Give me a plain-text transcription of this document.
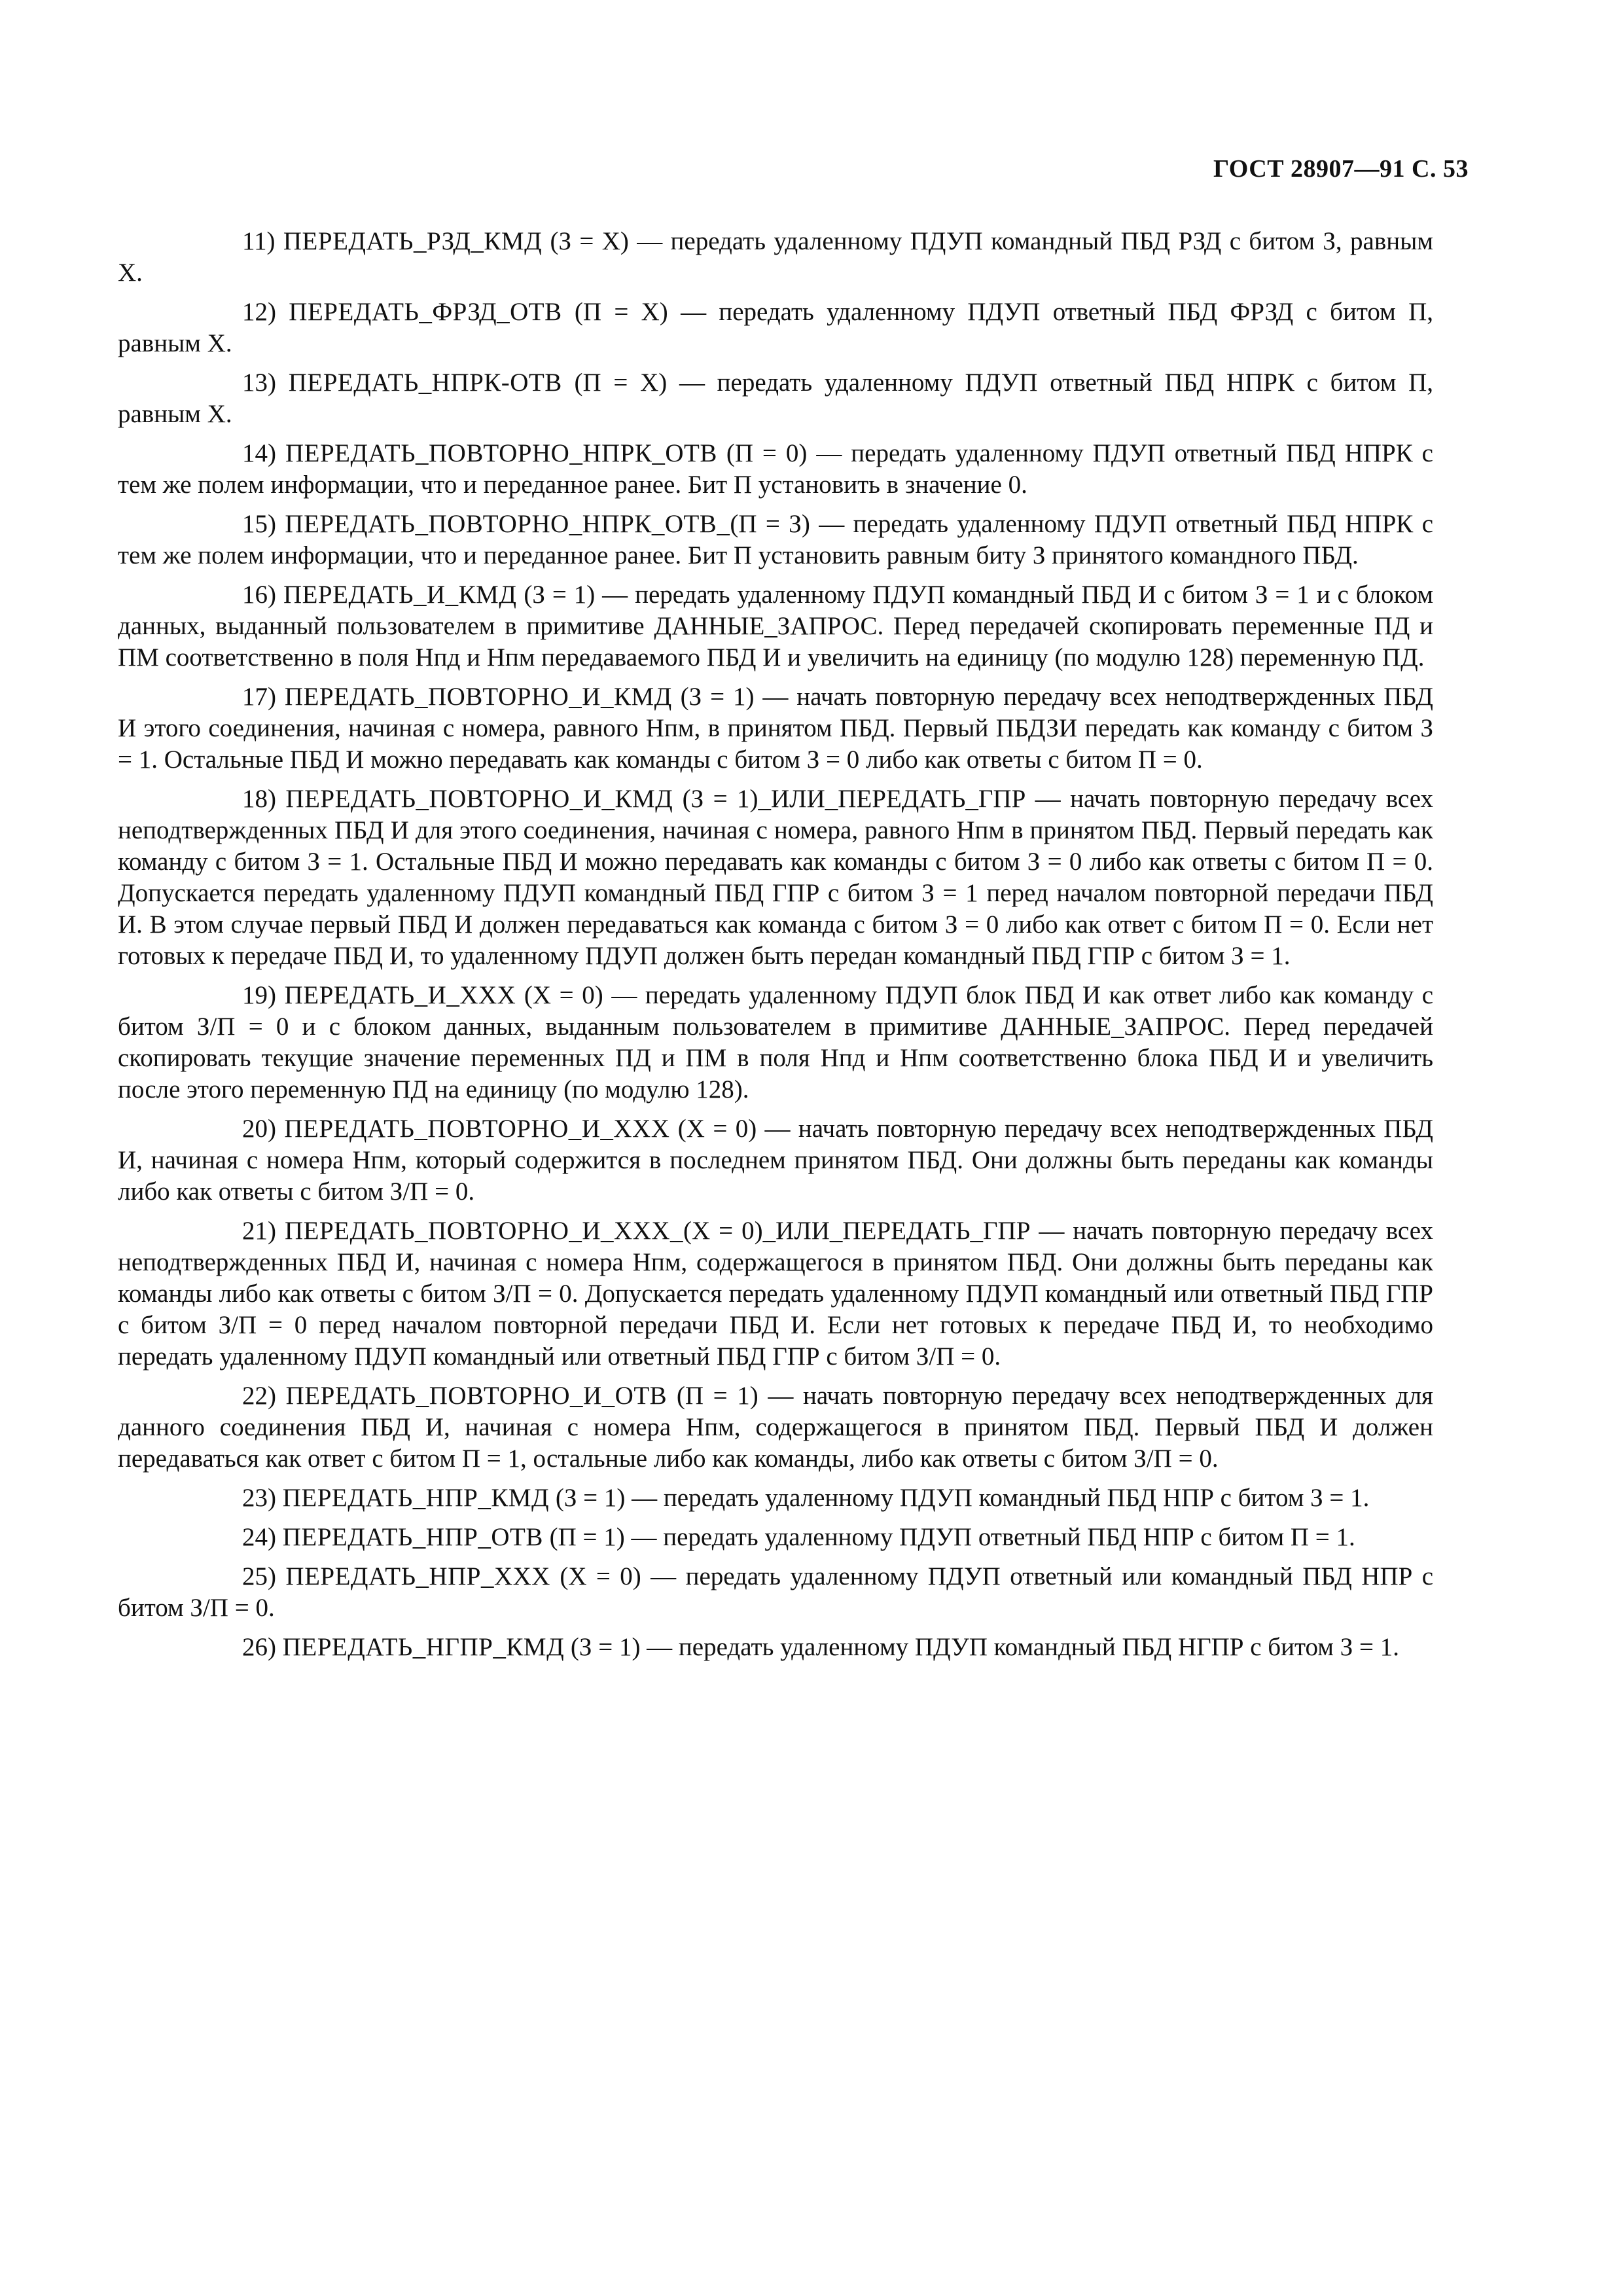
ГОСТ 28907—91 С. 53

11) ПЕРЕДАТЬ_РЗД_КМД (З = X) — передать удаленному ПДУП командный ПБД РЗД с битом З, равным X.

12) ПЕРЕДАТЬ_ФРЗД_ОТВ (П = X) — передать удаленному ПДУП ответный ПБД ФРЗД с битом П, равным X.

13) ПЕРЕДАТЬ_НПРК-ОТВ (П = X) — передать удаленному ПДУП ответный ПБД НПРК с битом П, равным X.

14) ПЕРЕДАТЬ_ПОВТОРНО_НПРК_ОТВ (П = 0) — передать удаленному ПДУП ответный ПБД НПРК с тем же полем информации, что и переданное ранее. Бит П установить в значение 0.

15) ПЕРЕДАТЬ_ПОВТОРНО_НПРК_ОТВ_(П = З) — передать удаленному ПДУП ответный ПБД НПРК с тем же полем информации, что и переданное ранее. Бит П установить равным биту З принятого командного ПБД.

16) ПЕРЕДАТЬ_И_КМД (З = 1) — передать удаленному ПДУП командный ПБД И с битом З = 1 и с блоком данных, выданный пользователем в примитиве ДАННЫЕ_ЗАПРОС. Перед передачей скопировать переменные ПД и ПМ соответственно в поля Нпд и Нпм передаваемого ПБД И и увеличить на единицу (по модулю 128) переменную ПД.

17) ПЕРЕДАТЬ_ПОВТОРНО_И_КМД (З = 1) — начать повторную передачу всех неподтвержденных ПБД И этого соединения, начиная с номера, равного Нпм, в принятом ПБД. Первый ПБДЗИ передать как команду с битом З = 1. Остальные ПБД И можно передавать как команды с битом З = 0 либо как ответы с битом П = 0.

18) ПЕРЕДАТЬ_ПОВТОРНО_И_КМД (З = 1)_ИЛИ_ПЕРЕДАТЬ_ГПР — начать повторную передачу всех неподтвержденных ПБД И для этого соединения, начиная с номера, равного Нпм в принятом ПБД. Первый передать как команду с битом З = 1. Остальные ПБД И можно передавать как команды с битом З = 0 либо как ответы с битом П = 0. Допускается передать удаленному ПДУП командный ПБД ГПР с битом З = 1 перед началом повторной передачи ПБД И. В этом случае первый ПБД И должен передаваться как команда с битом З = 0 либо как ответ с битом П = 0. Если нет готовых к передаче ПБД И, то удаленному ПДУП должен быть передан командный ПБД ГПР с битом З = 1.

19) ПЕРЕДАТЬ_И_XXX (X = 0) — передать удаленному ПДУП блок ПБД И как ответ либо как команду с битом З/П = 0 и с блоком данных, выданным пользователем в примитиве ДАННЫЕ_ЗАПРОС. Перед передачей скопировать текущие значение переменных ПД и ПМ в поля Нпд и Нпм соответственно блока ПБД И и увеличить после этого переменную ПД на единицу (по модулю 128).

20) ПЕРЕДАТЬ_ПОВТОРНО_И_XXX (X = 0) — начать повторную передачу всех неподтвержденных ПБД И, начиная с номера Нпм, который содержится в последнем принятом ПБД. Они должны быть переданы как команды либо как ответы с битом З/П = 0.

21) ПЕРЕДАТЬ_ПОВТОРНО_И_XXX_(X = 0)_ИЛИ_ПЕРЕДАТЬ_ГПР — начать повторную передачу всех неподтвержденных ПБД И, начиная с номера Нпм, содержащегося в принятом ПБД. Они должны быть переданы как команды либо как ответы с битом З/П = 0. Допускается передать удаленному ПДУП командный или ответный ПБД ГПР с битом З/П = 0 перед началом повторной передачи ПБД И. Если нет готовых к передаче ПБД И, то необходимо передать удаленному ПДУП командный или ответный ПБД ГПР с битом З/П = 0.

22) ПЕРЕДАТЬ_ПОВТОРНО_И_ОТВ (П = 1) — начать повторную передачу всех неподтвержденных для данного соединения ПБД И, начиная с номера Нпм, содержащегося в принятом ПБД. Первый ПБД И должен передаваться как ответ с битом П = 1, остальные либо как команды, либо как ответы с битом З/П = 0.

23) ПЕРЕДАТЬ_НПР_КМД (З = 1) — передать удаленному ПДУП командный ПБД НПР с битом З = 1.

24) ПЕРЕДАТЬ_НПР_ОТВ (П = 1) — передать удаленному ПДУП ответный ПБД НПР с битом П = 1.

25) ПЕРЕДАТЬ_НПР_XXX (X = 0) — передать удаленному ПДУП ответный или командный ПБД НПР с битом З/П = 0.

26) ПЕРЕДАТЬ_НГПР_КМД (З = 1) — передать удаленному ПДУП командный ПБД НГПР с битом З = 1.
